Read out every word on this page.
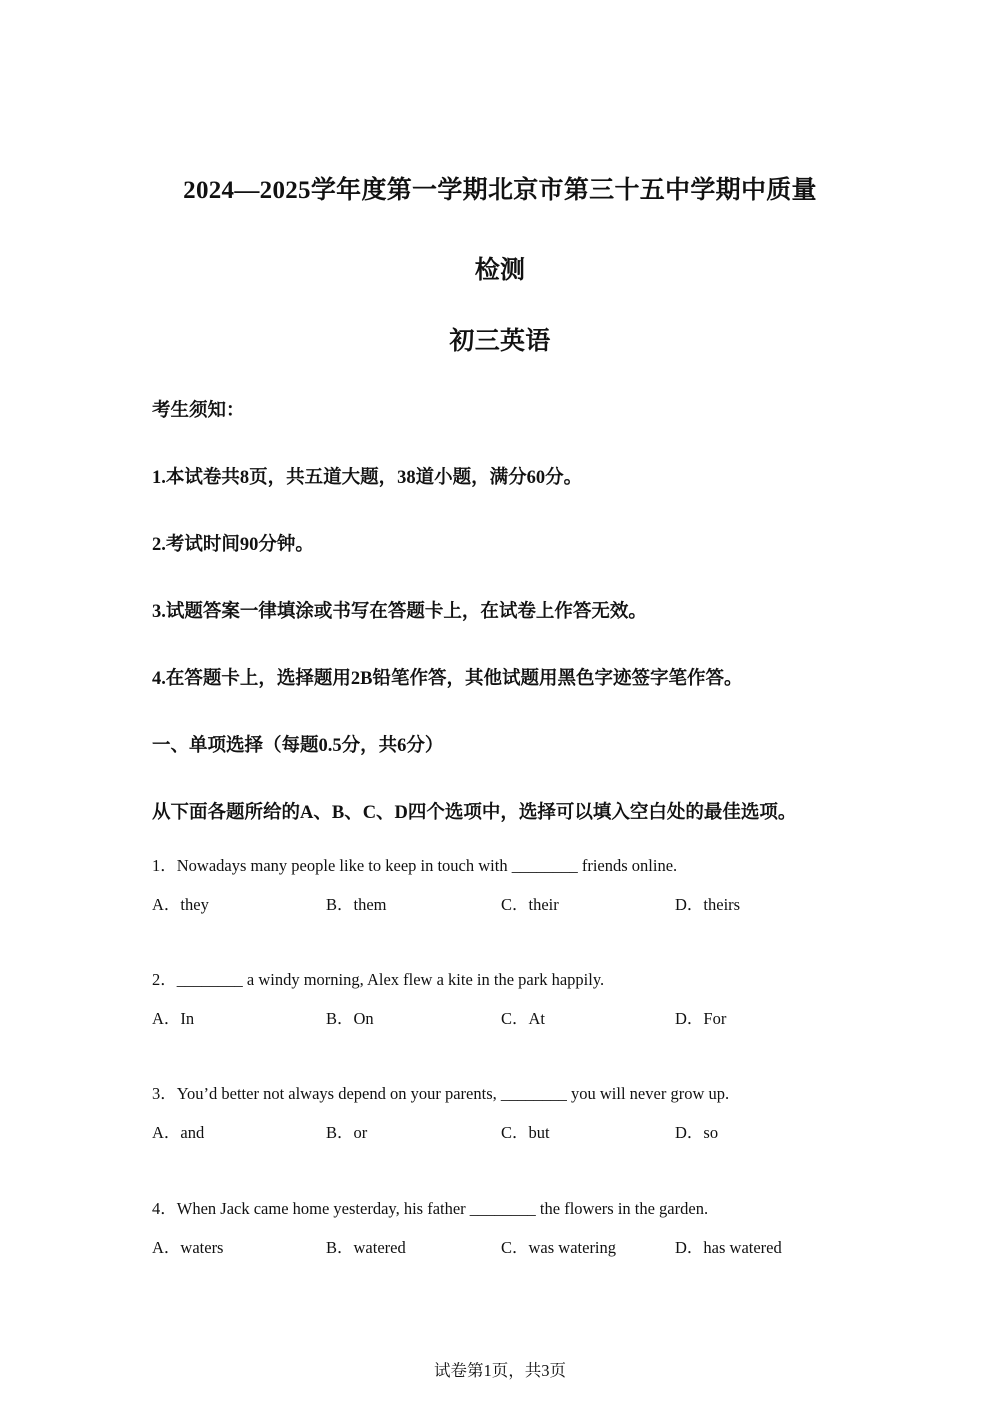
2024—2025学年度第一学期北京市第三十五中学期中质量
检测
初三英语
考生须知：
1.本试卷共8页，共五道大题，38道小题，满分60分。
2.考试时间90分钟。
3.试题答案一律填涂或书写在答题卡上，在试卷上作答无效。
4.在答题卡上，选择题用2B铅笔作答，其他试题用黑色字迹签字笔作答。
一、单项选择（每题0.5分，共6分）
从下面各题所给的A、B、C、D四个选项中，选择可以填入空白处的最佳选项。
1．Nowadays many people like to keep in touch with ________ friends online.
A．they	B．them	C．their	D．theirs
2．________ a windy morning, Alex flew a kite in the park happily.
A．In	B．On	C．At	D．For
3．You’d better not always depend on your parents, ________ you will never grow up.
A．and	B．or	C．but	D．so
4．When Jack came home yesterday, his father ________ the flowers in the garden.
A．waters	B．watered	C．was watering	D．has watered
试卷第1页，共3页
